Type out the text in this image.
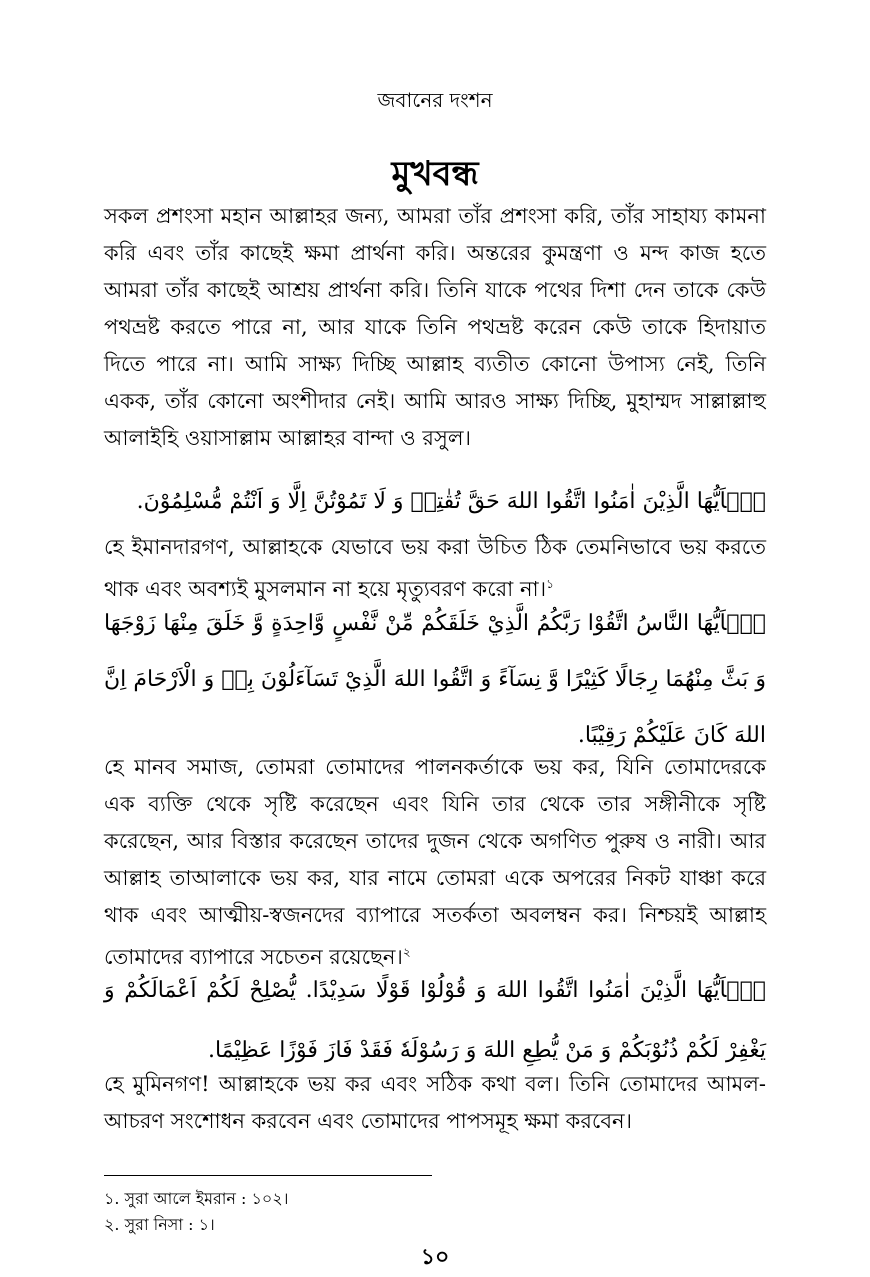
জবানের দংশন
মুখবন্ধ

সকল প্রশংসা মহান আল্লাহর জন্য, আমরা তাঁর প্রশংসা করি, তাঁর সাহায্য কামনা করি এবং তাঁর কাছেই ক্ষমা প্রার্থনা করি। অন্তরের কুমন্ত্রণা ও মন্দ কাজ হতে আমরা তাঁর কাছেই আশ্রয় প্রার্থনা করি। তিনি যাকে পথের দিশা দেন তাকে কেউ পথভ্রষ্ট করতে পারে না, আর যাকে তিনি পথভ্রষ্ট করেন কেউ তাকে হিদায়াত দিতে পারে না। আমি সাক্ষ্য দিচ্ছি আল্লাহ ব্যতীত কোনো উপাস্য নেই, তিনি একক, তাঁর কোনো অংশীদার নেই। আমি আরও সাক্ষ্য দিচ্ছি, মুহাম্মদ সাল্লাল্লাহু আলাইহি ওয়াসাল্লাম আল্লাহর বান্দা ও রসুল।

يٰۤاَيُّهَا الَّذِيْنَ اٰمَنُوا اتَّقُوا اللهَ حَقَّ تُقٰتِهٖ وَ لَا تَمُوْتُنَّ اِلَّا وَ اَنْتُمْ مُّسْلِمُوْنَ.

হে ইমানদারগণ, আল্লাহকে যেভাবে ভয় করা উচিত ঠিক তেমনিভাবে ভয় করতে থাক এবং অবশ্যই মুসলমান না হয়ে মৃত্যুবরণ করো না।$^১$

يٰۤاَيُّهَا النَّاسُ اتَّقُوْا رَبَّكُمُ الَّذِيْ خَلَقَكُمْ مِّنْ نَّفْسٍ وَّاحِدَةٍ وَّ خَلَقَ مِنْهَا زَوْجَهَا وَ بَثَّ مِنْهُمَا رِجَالًا كَثِيْرًا وَّ نِسَآءً وَ اتَّقُوا اللهَ الَّذِيْ تَسَآءَلُوْنَ بِهٖ وَ الْاَرْحَامَ اِنَّ اللهَ كَانَ عَلَيْكُمْ رَقِيْبًا.

হে মানব সমাজ, তোমরা তোমাদের পালনকর্তাকে ভয় কর, যিনি তোমাদেরকে এক ব্যক্তি থেকে সৃষ্টি করেছেন এবং যিনি তার থেকে তার সঙ্গীনীকে সৃষ্টি করেছেন, আর বিস্তার করেছেন তাদের দুজন থেকে অগণিত পুরুষ ও নারী। আর আল্লাহ তাআলাকে ভয় কর, যার নামে তোমরা একে অপরের নিকট যাঞ্চা করে থাক এবং আত্মীয়-স্বজনদের ব্যাপারে সতর্কতা অবলম্বন কর। নিশ্চয়ই আল্লাহ তোমাদের ব্যাপারে সচেতন রয়েছেন।$^২$

يٰۤاَيُّهَا الَّذِيْنَ اٰمَنُوا اتَّقُوا اللهَ وَ قُوْلُوْا قَوْلًا سَدِيْدًا. يُّصْلِحْ لَكُمْ اَعْمَالَكُمْ وَ يَغْفِرْ لَكُمْ ذُنُوْبَكُمْ وَ مَنْ يُّطِعِ اللهَ وَ رَسُوْلَهٗ فَقَدْ فَازَ فَوْزًا عَظِيْمًا.

হে মুমিনগণ! আল্লাহকে ভয় কর এবং সঠিক কথা বল। তিনি তোমাদের আমল-আচরণ সংশোধন করবেন এবং তোমাদের পাপসমূহ ক্ষমা করবেন।

১. সুরা আলে ইমরান : ১০২।
২. সুরা নিসা : ১।
১০
